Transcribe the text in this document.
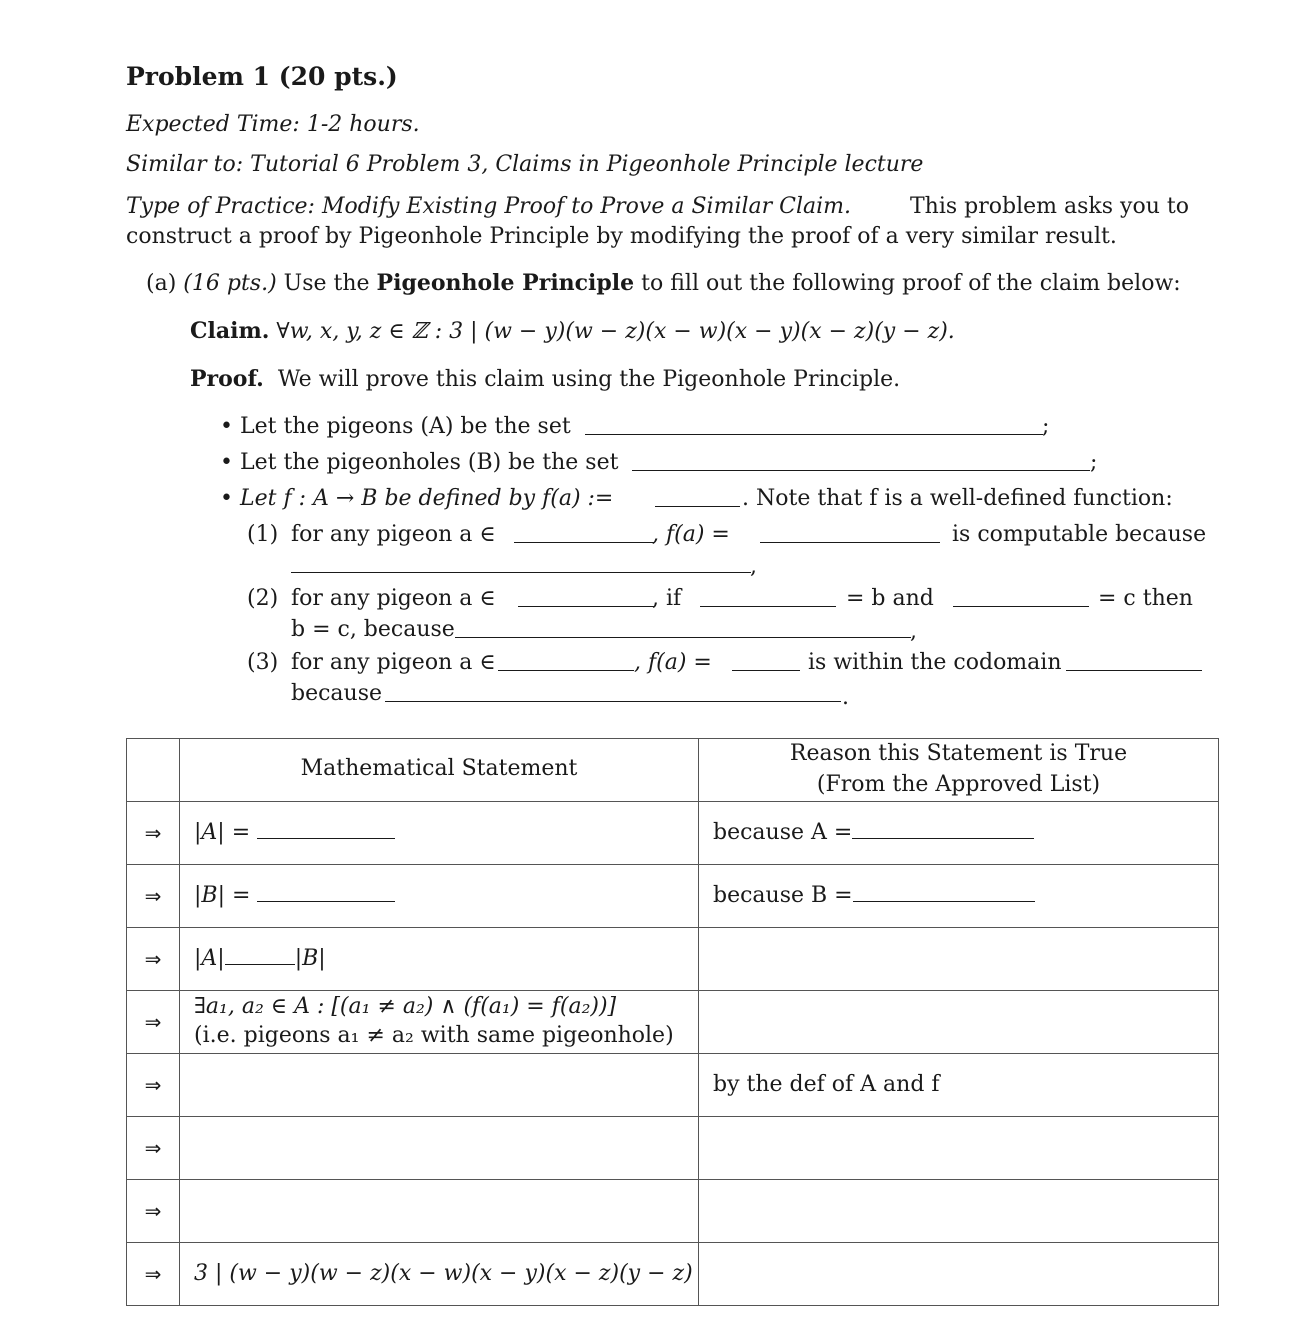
Problem 1 (20 pts.)
Expected Time: 1-2 hours.
Similar to: Tutorial 6 Problem 3, Claims in Pigeonhole Principle lecture
Type of Practice: Modify Existing Proof to Prove a Similar Claim.	This problem asks you to
construct a proof by Pigeonhole Principle by modifying the proof of a very similar result.
(a) (16 pts.) Use the Pigeonhole Principle to fill out the following proof of the claim below:
Claim. ∀w, x, y, z ∈ ℤ : 3 | (w − y)(w − z)(x − w)(x − y)(x − z)(y − z).
Proof. We will prove this claim using the Pigeonhole Principle.
• Let the pigeons (A) be the set	;
• Let the pigeonholes (B) be the set	;
• Let f : A → B be defined by f(a) :=	. Note that f is a well-defined function:
(1) for any pigeon a ∈	, f(a) =	is computable because
,
(2) for any pigeon a ∈	, if	= b and	= c then
b = c, because	,
(3) for any pigeon a ∈	, f(a) =	is within the codomain
because	.
	Mathematical Statement	Reason this Statement is True
(From the Approved List)

⇒	|A| =	because A =
⇒	|B| =	because B =
⇒	|A| |B|	
⇒	∃a₁, a₂ ∈ A : [(a₁ ≠ a₂) ∧ (f(a₁) = f(a₂))]
(i.e. pigeons a₁ ≠ a₂ with same pigeonhole)	

⇒		by the def of A and f
⇒		
⇒		
⇒	3 | (w − y)(w − z)(x − w)(x − y)(x − z)(y − z)	
